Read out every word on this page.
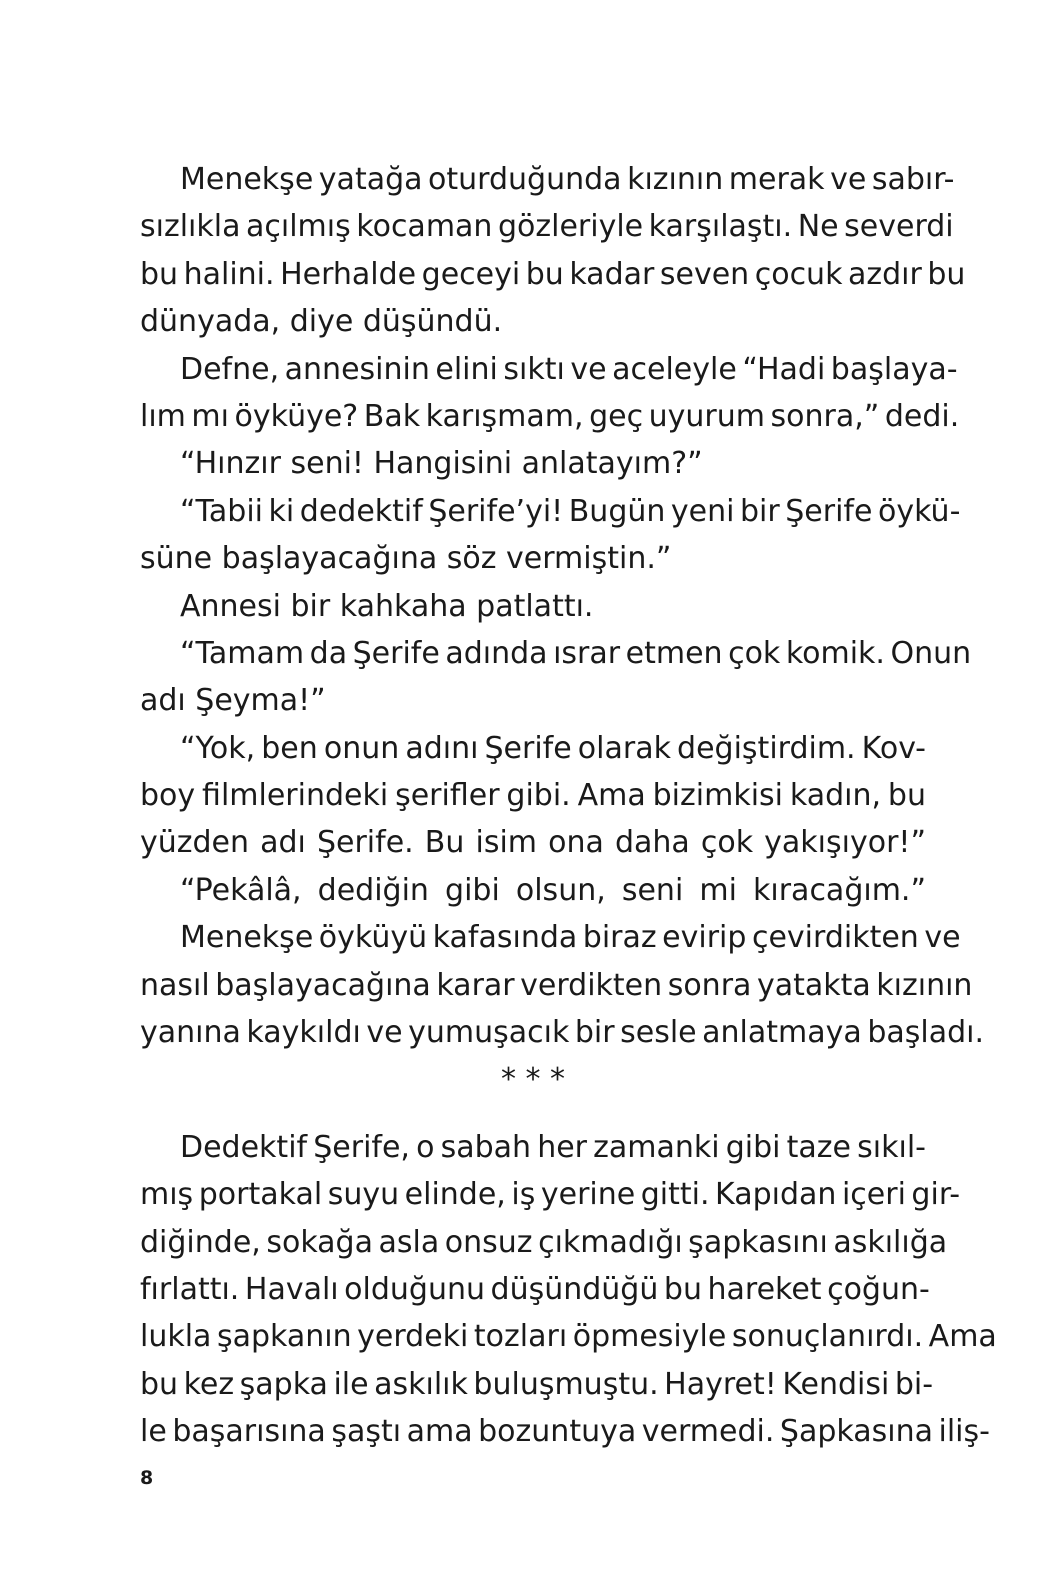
Menekşe yatağa oturduğunda kızının merak ve sabır-

sızlıkla açılmış kocaman gözleriyle karşılaştı. Ne severdi

bu halini. Herhalde geceyi bu kadar seven çocuk azdır bu

dünyada, diye düşündü.

Defne, annesinin elini sıktı ve aceleyle “Hadi başlaya-

lım mı öyküye? Bak karışmam, geç uyurum sonra,” dedi.

“Hınzır seni! Hangisini anlatayım?”

“Tabii ki dedektif Şerife’yi! Bugün yeni bir Şerife öykü-

süne başlayacağına söz vermiştin.”

Annesi bir kahkaha patlattı.

“Tamam da Şerife adında ısrar etmen çok komik. Onun

adı Şeyma!”

“Yok, ben onun adını Şerife olarak değiştirdim. Kov-

boy filmlerindeki şerifler gibi. Ama bizimkisi kadın, bu

yüzden adı Şerife. Bu isim ona daha çok yakışıyor!”

“Pekâlâ, dediğin gibi olsun, seni mi kıracağım.”

Menekşe öyküyü kafasında biraz evirip çevirdikten ve

nasıl başlayacağına karar verdikten sonra yatakta kızının

yanına kaykıldı ve yumuşacık bir sesle anlatmaya başladı.

* * *

Dedektif Şerife, o sabah her zamanki gibi taze sıkıl-

mış portakal suyu elinde, iş yerine gitti. Kapıdan içeri gir-

diğinde, sokağa asla onsuz çıkmadığı şapkasını askılığa

fırlattı. Havalı olduğunu düşündüğü bu hareket çoğun-

lukla şapkanın yerdeki tozları öpmesiyle sonuçlanırdı. Ama

bu kez şapka ile askılık buluşmuştu. Hayret! Kendisi bi-

le başarısına şaştı ama bozuntuya vermedi. Şapkasına iliş-

8
